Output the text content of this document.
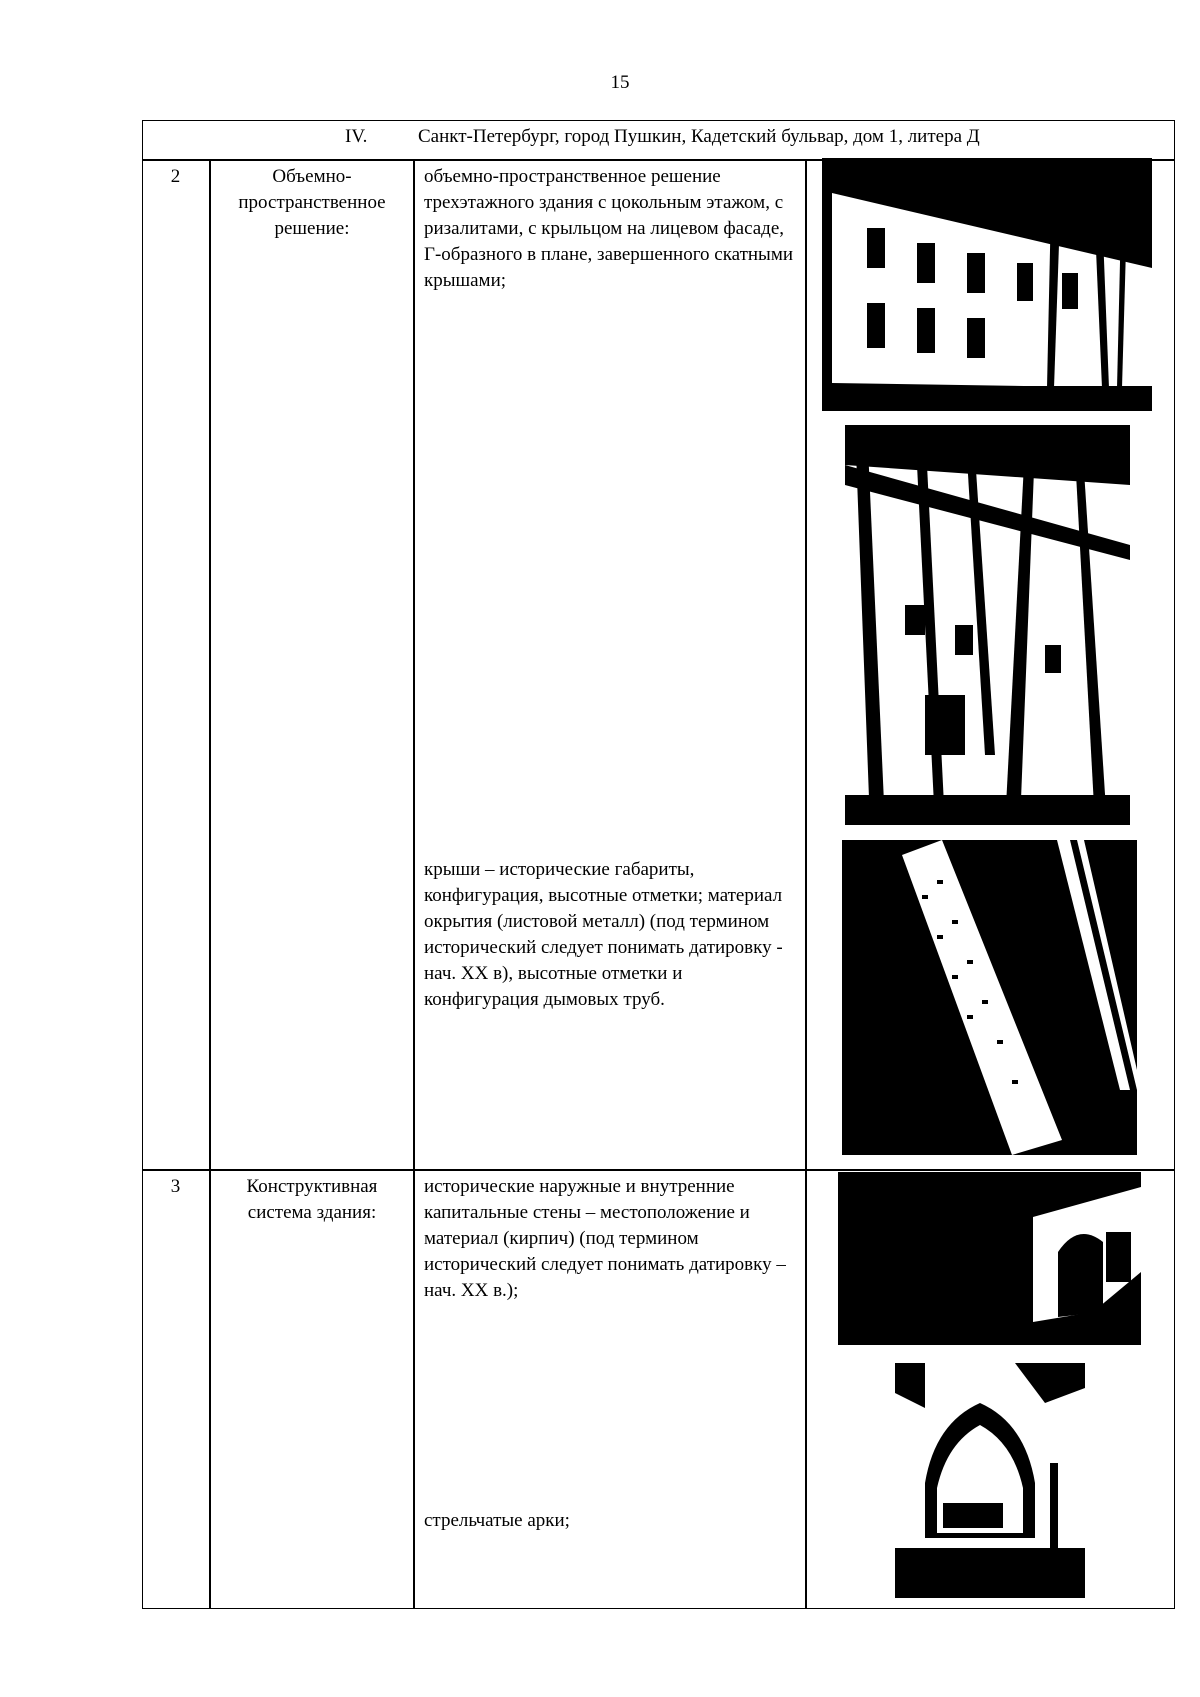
15
IV.	Санкт-Петербург, город Пушкин, Кадетский бульвар, дом 1, литера Д
2	Объемно-пространственное решение:
объемно-пространственное решение трехэтажного здания с цокольным этажом, с ризалитами, с крыльцом на лицевом фасаде, Г-образного в плане, завершенного скатными крышами;
крыши – исторические габариты, конфигурация, высотные отметки; материал окрытия (листовой металл) (под термином исторический следует понимать датировку - нач. XX в), высотные отметки и конфигурация дымовых труб.
3	Конструктивная система здания:
исторические наружные и внутренние капитальные стены – местоположение и материал (кирпич) (под термином исторический следует понимать датировку – нач. XX в.);
стрельчатые арки;
